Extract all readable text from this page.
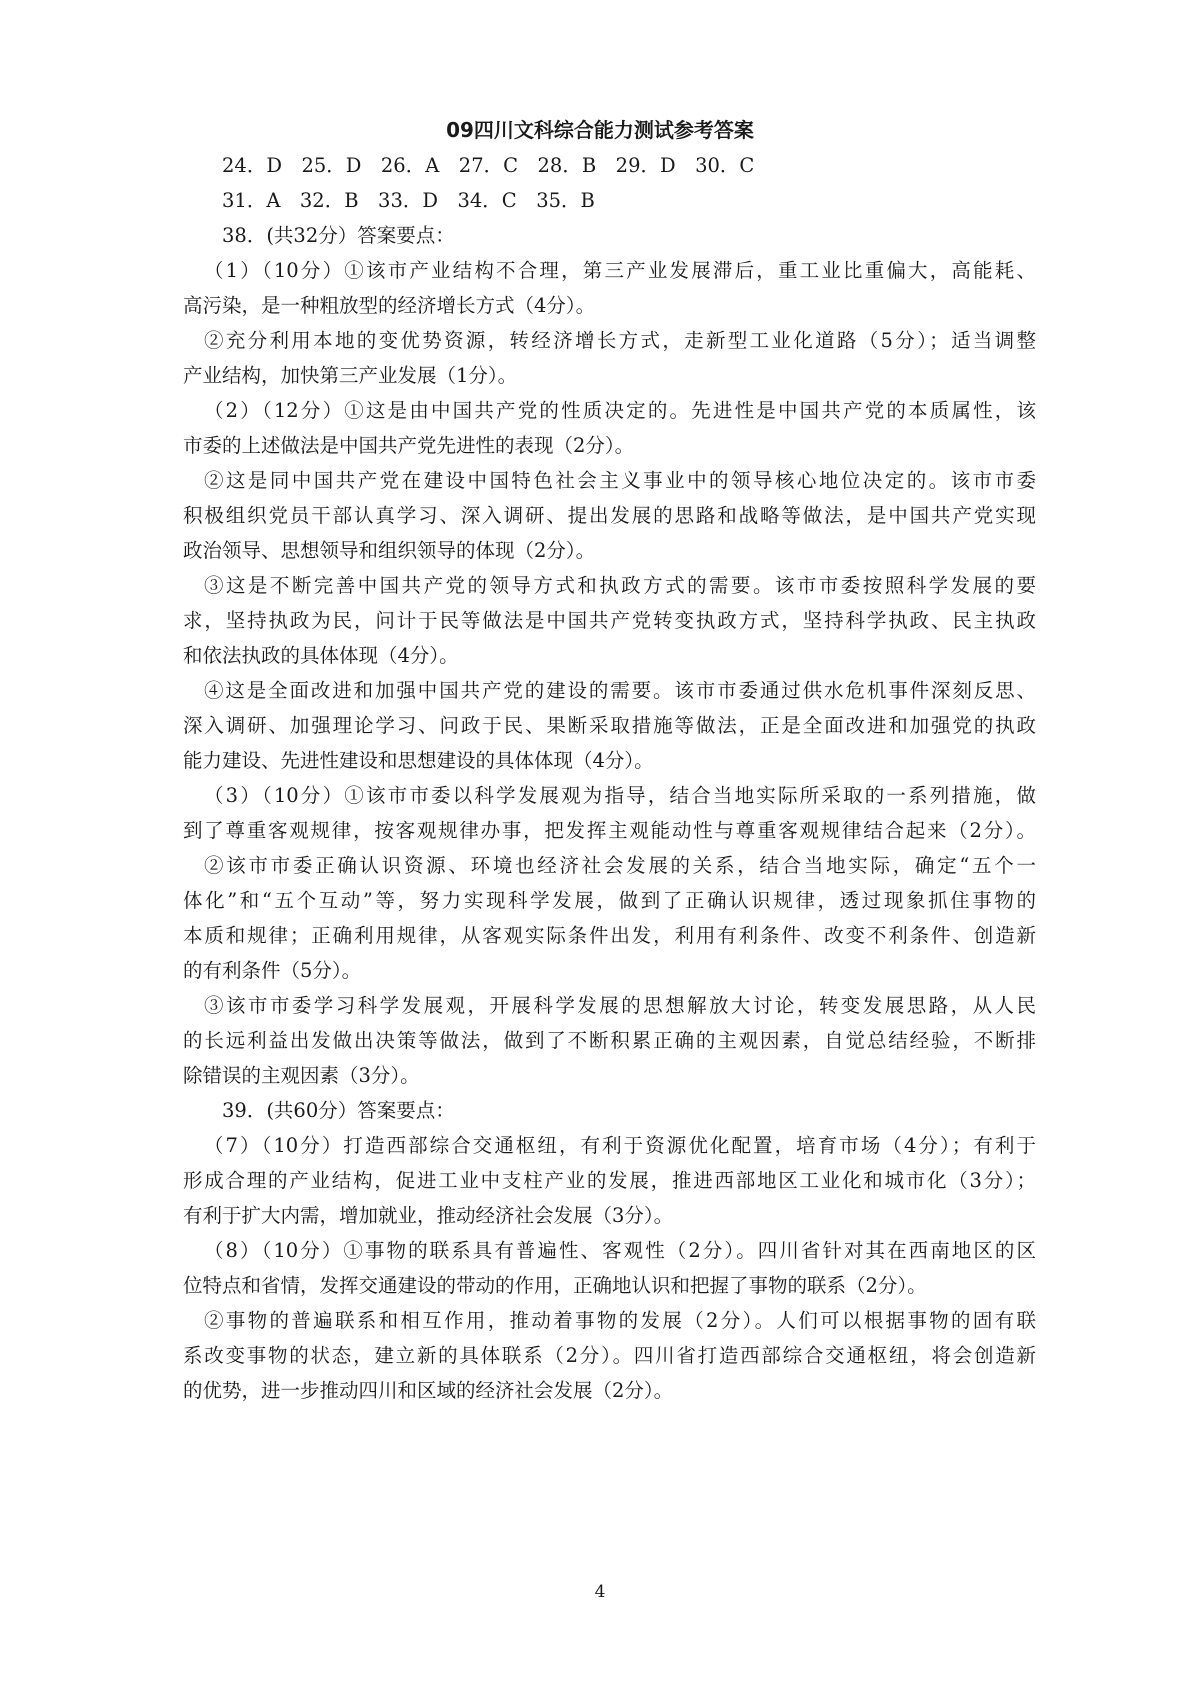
09四川文科综合能力测试参考答案
24．D　25．D　26．A　27．C　28．B　29．D　30．C
31．A　32．B　33．D　34．C　35．B
38．(共32分）答案要点：
（1）（10分）①该市产业结构不合理，第三产业发展滞后，重工业比重偏大，高能耗、
高污染，是一种粗放型的经济增长方式（4分）。
②充分利用本地的变优势资源，转经济增长方式，走新型工业化道路（5分）；适当调整
产业结构，加快第三产业发展（1分）。
（2）（12分）①这是由中国共产党的性质决定的。先进性是中国共产党的本质属性，该
市委的上述做法是中国共产党先进性的表现（2分）。
②这是同中国共产党在建设中国特色社会主义事业中的领导核心地位决定的。该市市委
积极组织党员干部认真学习、深入调研、提出发展的思路和战略等做法，是中国共产党实现
政治领导、思想领导和组织领导的体现（2分）。
③这是不断完善中国共产党的领导方式和执政方式的需要。该市市委按照科学发展的要
求，坚持执政为民，问计于民等做法是中国共产党转变执政方式，坚持科学执政、民主执政
和依法执政的具体体现（4分）。
④这是全面改进和加强中国共产党的建设的需要。该市市委通过供水危机事件深刻反思、
深入调研、加强理论学习、问政于民、果断采取措施等做法，正是全面改进和加强党的执政
能力建设、先进性建设和思想建设的具体体现（4分）。
（3）（10分）①该市市委以科学发展观为指导，结合当地实际所采取的一系列措施，做
到了尊重客观规律，按客观规律办事，把发挥主观能动性与尊重客观规律结合起来（2分）。
②该市市委正确认识资源、环境也经济社会发展的关系，结合当地实际，确定“五个一
体化”和“五个互动”等，努力实现科学发展，做到了正确认识规律，透过现象抓住事物的
本质和规律；正确利用规律，从客观实际条件出发，利用有利条件、改变不利条件、创造新
的有利条件（5分）。
③该市市委学习科学发展观，开展科学发展的思想解放大讨论，转变发展思路，从人民
的长远利益出发做出决策等做法，做到了不断积累正确的主观因素，自觉总结经验，不断排
除错误的主观因素（3分）。
39．(共60分）答案要点：
（7）（10分）打造西部综合交通枢纽，有利于资源优化配置，培育市场（4分）；有利于
形成合理的产业结构，促进工业中支柱产业的发展，推进西部地区工业化和城市化（3分）；
有利于扩大内需，增加就业，推动经济社会发展（3分）。
（8）（10分）①事物的联系具有普遍性、客观性（2分）。四川省针对其在西南地区的区
位特点和省情，发挥交通建设的带动的作用，正确地认识和把握了事物的联系（2分）。
②事物的普遍联系和相互作用，推动着事物的发展（2分）。人们可以根据事物的固有联
系改变事物的状态，建立新的具体联系（2分）。四川省打造西部综合交通枢纽，将会创造新
的优势，进一步推动四川和区域的经济社会发展（2分）。
4
